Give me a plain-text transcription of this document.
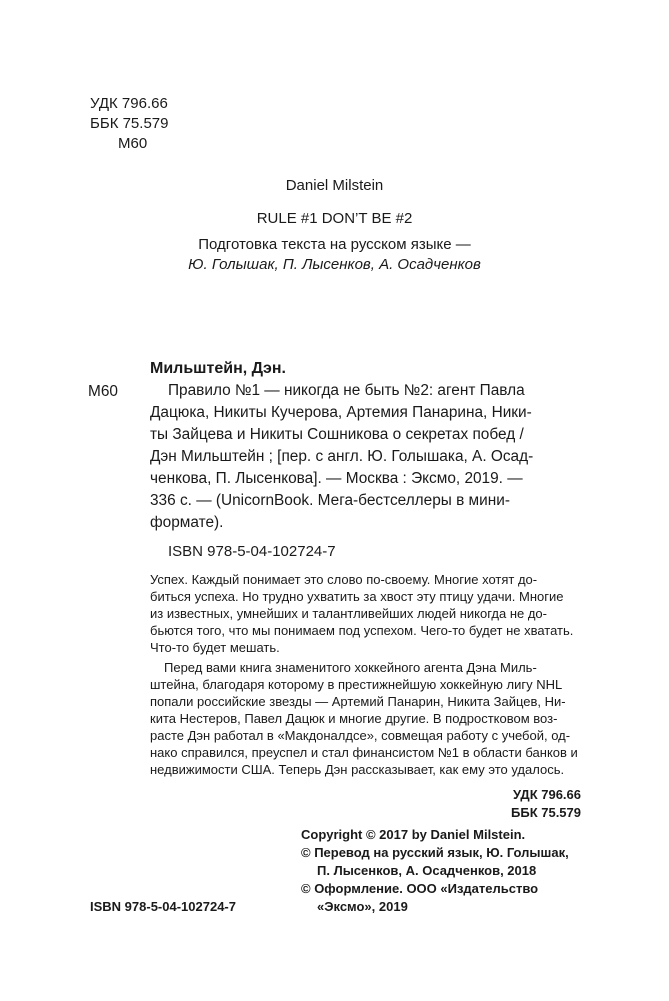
УДК 796.66
ББК 75.579
М60
Daniel Milstein
RULE #1 DON’T BE #2
Подготовка текста на русском языке —
Ю. Голышак, П. Лысенков, А. Осадченков
М60
Мильштейн, Дэн.
Правило №1 — никогда не быть №2: агент Павла
Дацюка, Никиты Кучерова, Артемия Панарина, Ники-
ты Зайцева и Никиты Сошникова о секретах побед /
Дэн Мильштейн ; [пер. с англ. Ю. Голышака, А. Осад-
ченкова, П. Лысенкова]. — Москва : Эксмо, 2019. —
336 с. — (UnicornBook. Мега-бестселлеры в мини-
формате).
ISBN 978-5-04-102724-7
Успех. Каждый понимает это слово по-своему. Многие хотят до-
биться успеха. Но трудно ухватить за хвост эту птицу удачи. Многие
из известных, умнейших и талантливейших людей никогда не до-
бьются того, что мы понимаем под успехом. Чего-то будет не хватать.
Что-то будет мешать.
Перед вами книга знаменитого хоккейного агента Дэна Миль-
штейна, благодаря которому в престижнейшую хоккейную лигу NHL
попали российские звезды — Артемий Панарин, Никита Зайцев, Ни-
кита Нестеров, Павел Дацюк и многие другие. В подростковом воз-
расте Дэн работал в «Макдоналдсе», совмещая работу с учебой, од-
нако справился, преуспел и стал финансистом №1 в области банков и
недвижимости США. Теперь Дэн рассказывает, как ему это удалось.
УДК 796.66
ББК 75.579
ISBN 978-5-04-102724-7
Copyright © 2017 by Daniel Milstein.
© Перевод на русский язык, Ю. Голышак,
П. Лысенков, А. Осадченков, 2018
© Оформление. ООО «Издательство
«Эксмо», 2019
